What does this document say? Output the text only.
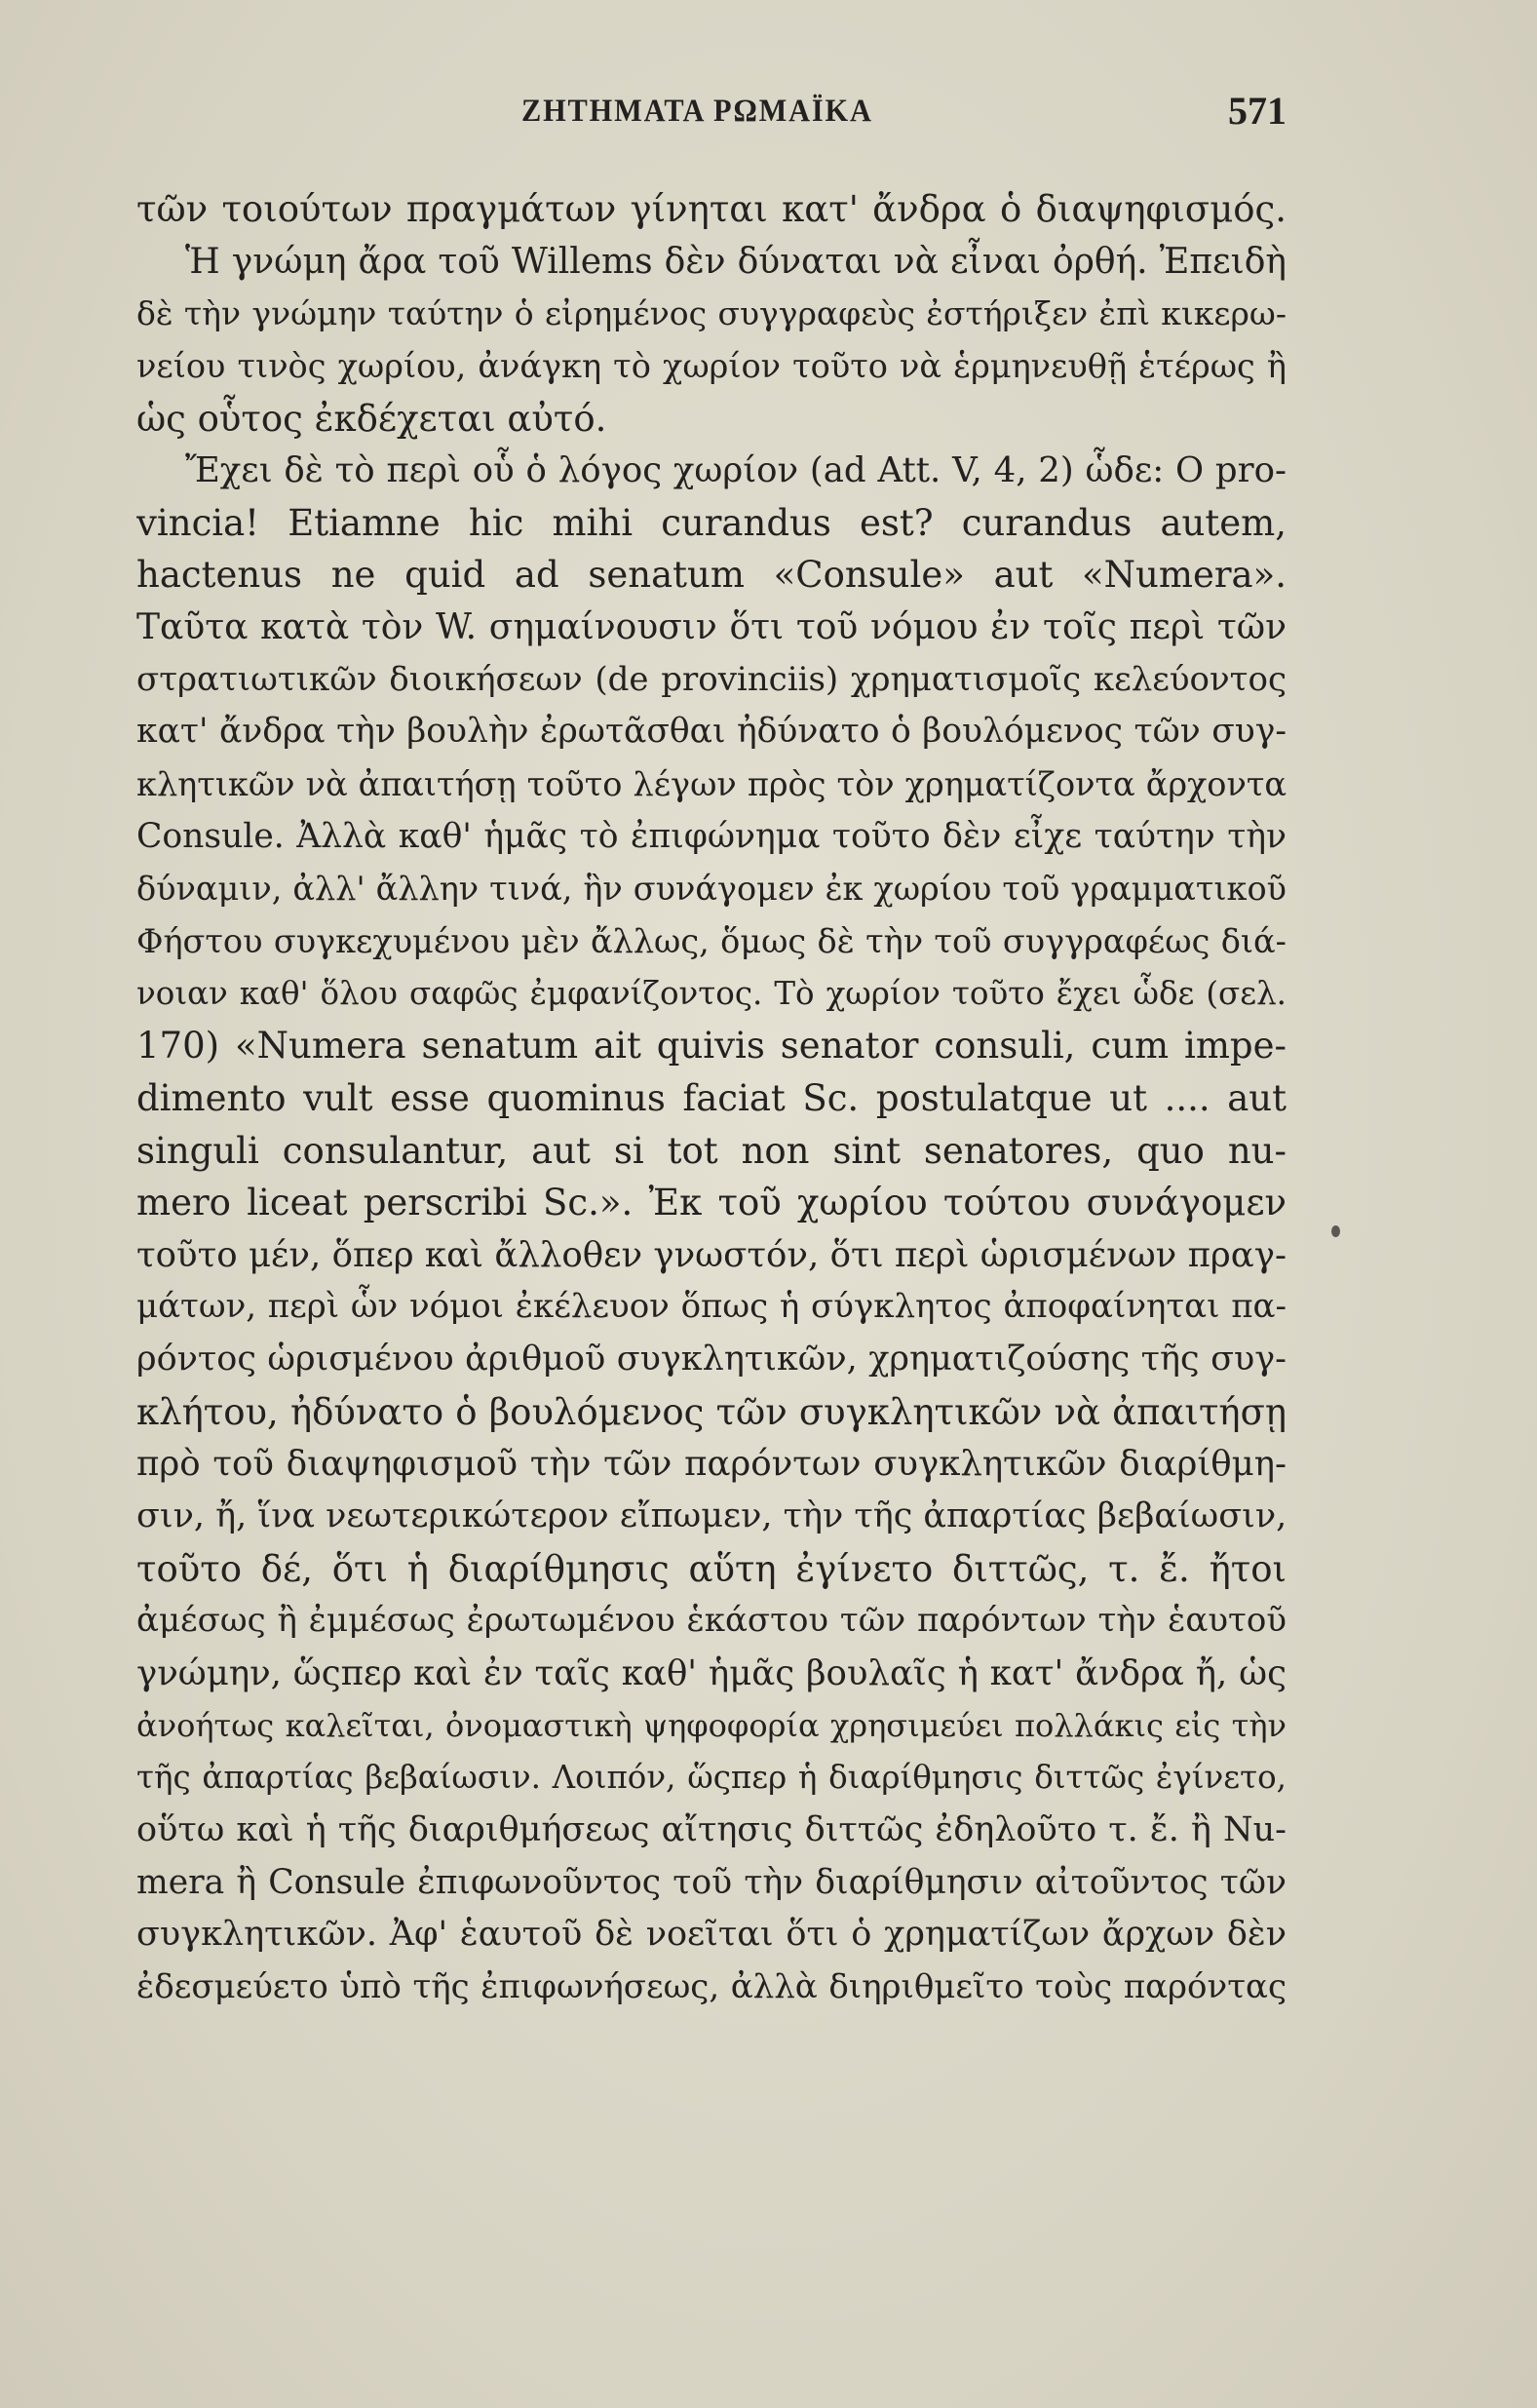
ΖΗΤΗΜΑΤΑ ΡΩΜΑΪΚΑ	571
τῶν τοιούτων πραγμάτων γίνηται κατ' ἄνδρα ὁ διαψηφισμός.
Ἡ γνώμη ἄρα τοῦ Willems δὲν δύναται νὰ εἶναι ὀρθή. Ἐπειδὴ
δὲ τὴν γνώμην ταύτην ὁ εἰρημένος συγγραφεὺς ἐστήριξεν ἐπὶ κικερω-
νείου τινὸς χωρίου, ἀνάγκη τὸ χωρίον τοῦτο νὰ ἑρμηνευθῇ ἑτέρως ἢ
ὡς οὗτος ἐκδέχεται αὐτό.
Ἔχει δὲ τὸ περὶ οὗ ὁ λόγος χωρίον (ad Att. V, 4, 2) ὧδε: O pro-
vincia! Etiamne hic mihi curandus est? curandus autem,
hactenus ne quid ad senatum «Consule» aut «Numera».
Ταῦτα κατὰ τὸν W. σημαίνουσιν ὅτι τοῦ νόμου ἐν τοῖς περὶ τῶν
στρατιωτικῶν διοικήσεων (de provinciis) χρηματισμοῖς κελεύοντος
κατ' ἄνδρα τὴν βουλὴν ἐρωτᾶσθαι ἠδύνατο ὁ βουλόμενος τῶν συγ-
κλητικῶν νὰ ἀπαιτήσῃ τοῦτο λέγων πρὸς τὸν χρηματίζοντα ἄρχοντα
Consule. Ἀλλὰ καθ' ἡμᾶς τὸ ἐπιφώνημα τοῦτο δὲν εἶχε ταύτην τὴν
δύναμιν, ἀλλ' ἄλλην τινά, ἣν συνάγομεν ἐκ χωρίου τοῦ γραμματικοῦ
Φήστου συγκεχυμένου μὲν ἄλλως, ὅμως δὲ τὴν τοῦ συγγραφέως διά-
νοιαν καθ' ὅλου σαφῶς ἐμφανίζοντος. Τὸ χωρίον τοῦτο ἔχει ὧδε (σελ.
170) «Numera senatum ait quivis senator consuli, cum impe-
dimento vult esse quominus faciat Sc. postulatque ut .... aut
singuli consulantur, aut si tot non sint senatores, quo nu-
mero liceat perscribi Sc.». Ἐκ τοῦ χωρίου τούτου συνάγομεν
τοῦτο μέν, ὅπερ καὶ ἄλλοθεν γνωστόν, ὅτι περὶ ὡρισμένων πραγ-
μάτων, περὶ ὧν νόμοι ἐκέλευον ὅπως ἡ σύγκλητος ἀποφαίνηται πα-
ρόντος ὡρισμένου ἀριθμοῦ συγκλητικῶν, χρηματιζούσης τῆς συγ-
κλήτου, ἠδύνατο ὁ βουλόμενος τῶν συγκλητικῶν νὰ ἀπαιτήσῃ
πρὸ τοῦ διαψηφισμοῦ τὴν τῶν παρόντων συγκλητικῶν διαρίθμη-
σιν, ἤ, ἵνα νεωτερικώτερον εἴπωμεν, τὴν τῆς ἀπαρτίας βεβαίωσιν,
τοῦτο δέ, ὅτι ἡ διαρίθμησις αὕτη ἐγίνετο διττῶς, τ. ἔ. ἤτοι
ἀμέσως ἢ ἐμμέσως ἐρωτωμένου ἑκάστου τῶν παρόντων τὴν ἑαυτοῦ
γνώμην, ὥςπερ καὶ ἐν ταῖς καθ' ἡμᾶς βουλαῖς ἡ κατ' ἄνδρα ἤ, ὡς
ἀνοήτως καλεῖται, ὀνομαστικὴ ψηφοφορία χρησιμεύει πολλάκις εἰς τὴν
τῆς ἀπαρτίας βεβαίωσιν. Λοιπόν, ὥςπερ ἡ διαρίθμησις διττῶς ἐγίνετο,
οὕτω καὶ ἡ τῆς διαριθμήσεως αἴτησις διττῶς ἐδηλοῦτο τ. ἔ. ἢ Nu-
mera ἢ Consule ἐπιφωνοῦντος τοῦ τὴν διαρίθμησιν αἰτοῦντος τῶν
συγκλητικῶν. Ἀφ' ἑαυτοῦ δὲ νοεῖται ὅτι ὁ χρηματίζων ἄρχων δὲν
ἐδεσμεύετο ὑπὸ τῆς ἐπιφωνήσεως, ἀλλὰ διηριθμεῖτο τοὺς παρόντας
